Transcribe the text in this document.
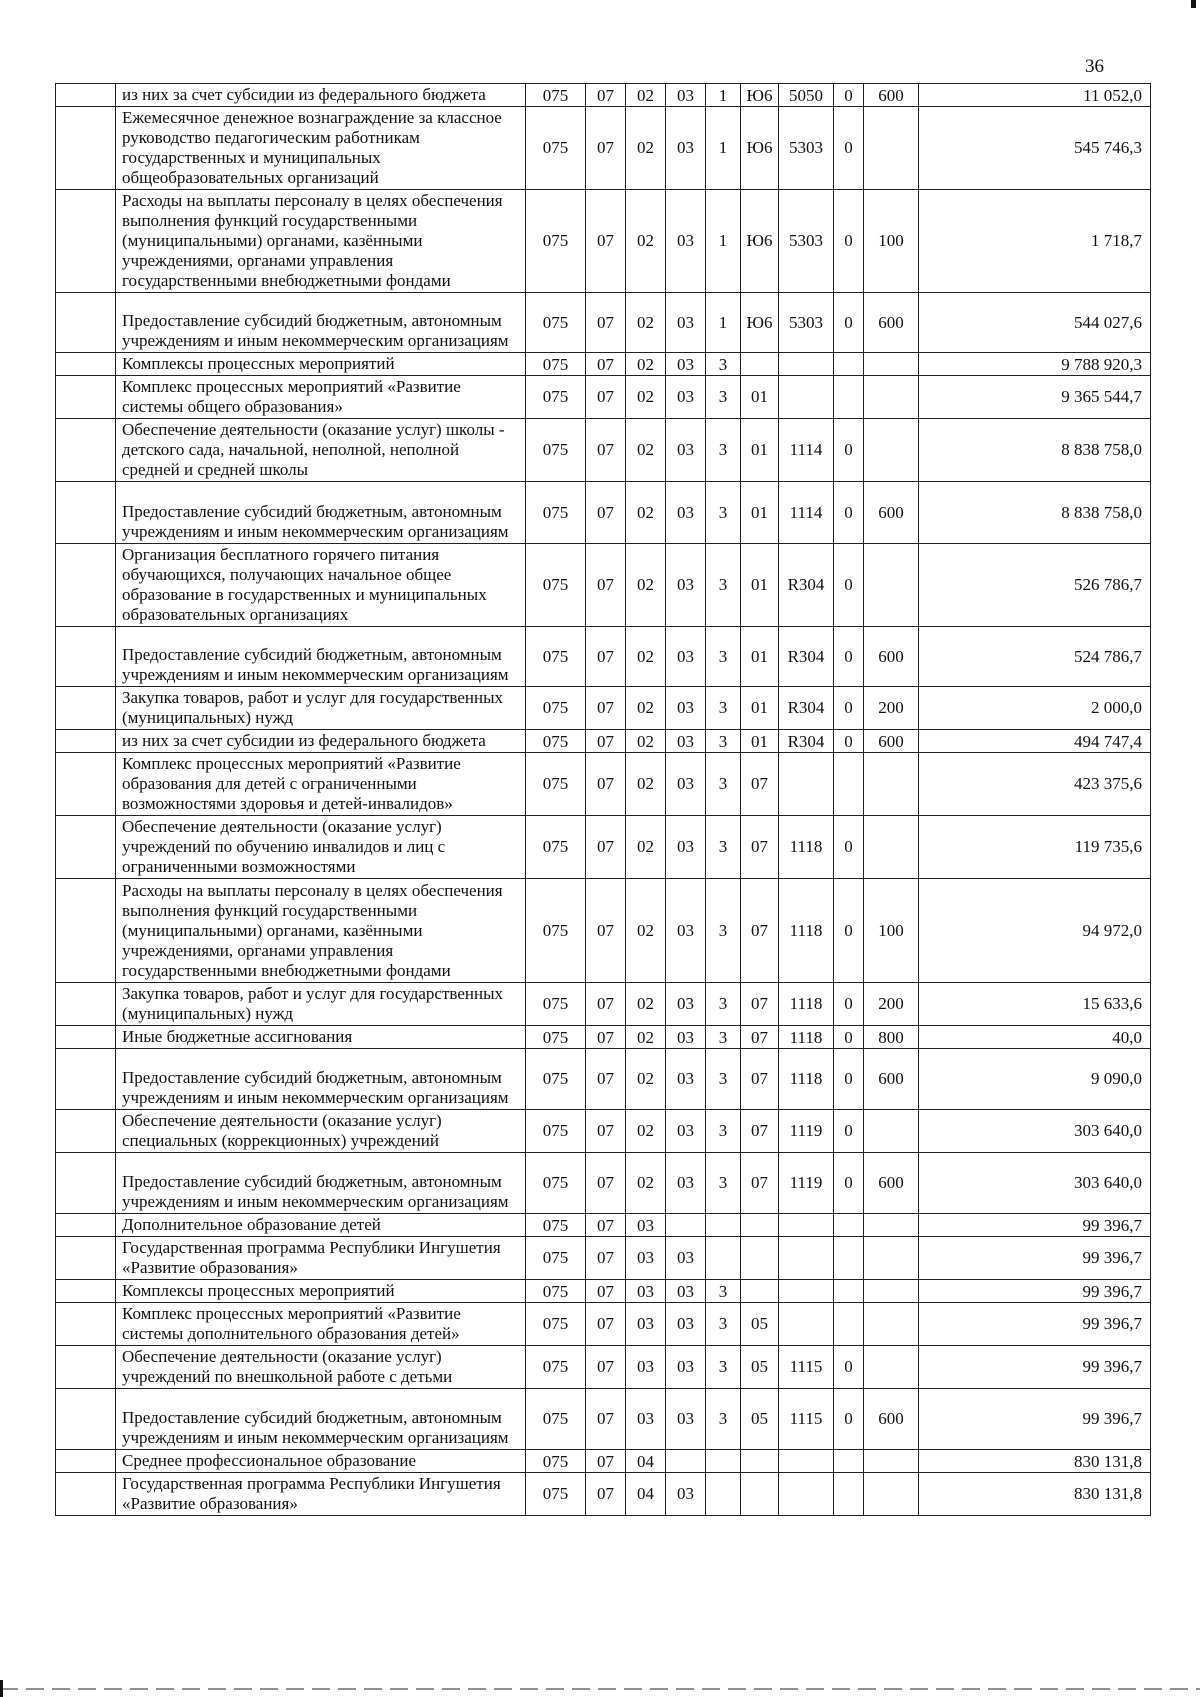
36
	из них за счет субсидии из федерального бюджета	075	07	02	03	1	Ю6	5050	0	600	11 052,0
	Ежемесячное денежное вознаграждение за классное руководство педагогическим работникам государственных и муниципальных общеобразовательных организаций	075	07	02	03	1	Ю6	5303	0		545 746,3
	Расходы на выплаты персоналу в целях обеспечения выполнения функций государственными (муниципальными) органами, казёнными учреждениями, органами управления государственными внебюджетными фондами	075	07	02	03	1	Ю6	5303	0	100	1 718,7
	Предоставление субсидий бюджетным, автономным учреждениям и иным некоммерческим организациям	075	07	02	03	1	Ю6	5303	0	600	544 027,6
	Комплексы процессных мероприятий	075	07	02	03	3					9 788 920,3
	Комплекс процессных мероприятий «Развитие системы общего образования»	075	07	02	03	3	01				9 365 544,7
	Обеспечение деятельности (оказание услуг) школы - детского сада, начальной, неполной, неполной средней и средней школы	075	07	02	03	3	01	1114	0		8 838 758,0
	Предоставление субсидий бюджетным, автономным учреждениям и иным некоммерческим организациям	075	07	02	03	3	01	1114	0	600	8 838 758,0
	Организация бесплатного горячего питания обучающихся, получающих начальное общее образование в государственных и муниципальных образовательных организациях	075	07	02	03	3	01	R304	0		526 786,7
	Предоставление субсидий бюджетным, автономным учреждениям и иным некоммерческим организациям	075	07	02	03	3	01	R304	0	600	524 786,7
	Закупка товаров, работ и услуг для государственных (муниципальных) нужд	075	07	02	03	3	01	R304	0	200	2 000,0
	из них за счет субсидии из федерального бюджета	075	07	02	03	3	01	R304	0	600	494 747,4
	Комплекс процессных мероприятий «Развитие образования для детей с ограниченными возможностями здоровья и детей-инвалидов»	075	07	02	03	3	07				423 375,6
	Обеспечение деятельности (оказание услуг) учреждений по обучению инвалидов и лиц с ограниченными возможностями	075	07	02	03	3	07	1118	0		119 735,6
	Расходы на выплаты персоналу в целях обеспечения выполнения функций государственными (муниципальными) органами, казёнными учреждениями, органами управления государственными внебюджетными фондами	075	07	02	03	3	07	1118	0	100	94 972,0
	Закупка товаров, работ и услуг для государственных (муниципальных) нужд	075	07	02	03	3	07	1118	0	200	15 633,6
	Иные бюджетные ассигнования	075	07	02	03	3	07	1118	0	800	40,0
	Предоставление субсидий бюджетным, автономным учреждениям и иным некоммерческим организациям	075	07	02	03	3	07	1118	0	600	9 090,0
	Обеспечение деятельности (оказание услуг) специальных (коррекционных) учреждений	075	07	02	03	3	07	1119	0		303 640,0
	Предоставление субсидий бюджетным, автономным учреждениям и иным некоммерческим организациям	075	07	02	03	3	07	1119	0	600	303 640,0
	Дополнительное образование детей	075	07	03							99 396,7
	Государственная программа Республики Ингушетия «Развитие образования»	075	07	03	03						99 396,7
	Комплексы процессных мероприятий	075	07	03	03	3					99 396,7
	Комплекс процессных мероприятий «Развитие системы дополнительного образования детей»	075	07	03	03	3	05				99 396,7
	Обеспечение деятельности (оказание услуг) учреждений по внешкольной работе с детьми	075	07	03	03	3	05	1115	0		99 396,7
	Предоставление субсидий бюджетным, автономным учреждениям и иным некоммерческим организациям	075	07	03	03	3	05	1115	0	600	99 396,7
	Среднее профессиональное образование	075	07	04							830 131,8
	Государственная программа Республики Ингушетия «Развитие образования»	075	07	04	03						830 131,8
